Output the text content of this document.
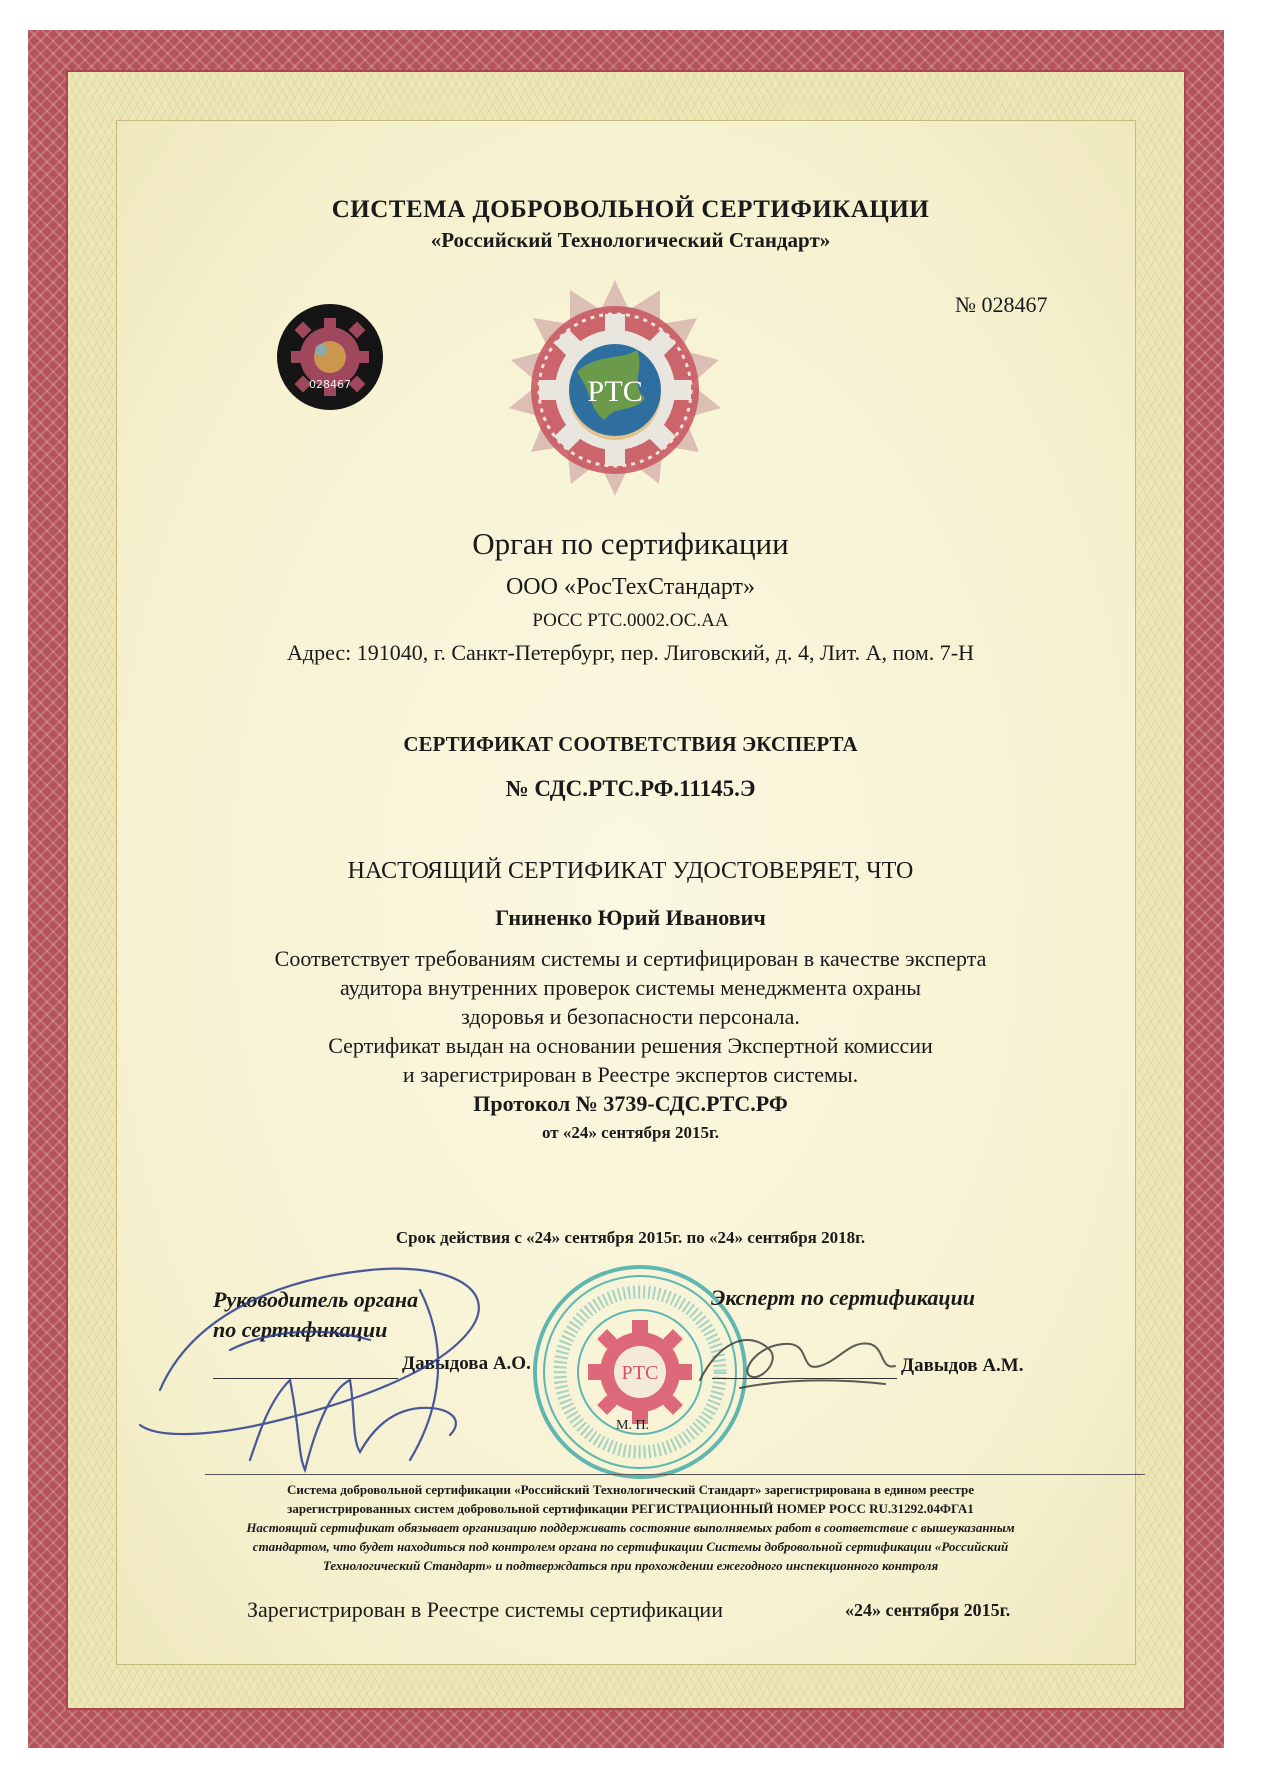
СИСТЕМА ДОБРОВОЛЬНОЙ СЕРТИФИКАЦИИ
«Российский Технологический Стандарт»
№ 028467
028467	РТС
Орган по сертификации
ООО «РосТехСтандарт»
РОСС РТС.0002.ОС.АА
Адрес: 191040, г. Санкт-Петербург, пер. Лиговский, д. 4, Лит. А, пом. 7-Н
СЕРТИФИКАТ СООТВЕТСТВИЯ ЭКСПЕРТА
№ СДС.РТС.РФ.11145.Э
НАСТОЯЩИЙ СЕРТИФИКАТ УДОСТОВЕРЯЕТ, ЧТО
Гниненко Юрий Иванович
Соответствует требованиям системы и сертифицирован в качестве эксперта
аудитора внутренних проверок системы менеджмента охраны
здоровья и безопасности персонала.
Сертификат выдан на основании решения Экспертной комиссии
и зарегистрирован в Реестре экспертов системы.
Протокол № 3739-СДС.РТС.РФ
от «24» сентября 2015г.
Срок действия с «24» сентября 2015г. по «24» сентября 2018г.
РТС
Руководитель органа
по сертификации
Эксперт по сертификации
Давыдова А.О.	Давыдов А.М.
М. П.
Система добровольной сертификации «Российский Технологический Стандарт» зарегистрирована в едином реестре
зарегистрированных систем добровольной сертификации РЕГИСТРАЦИОННЫЙ НОМЕР РОСС RU.31292.04ФГА1
Настоящий сертификат обязывает организацию поддерживать состояние выполняемых работ в соответствие с вышеуказанным
стандартом, что будет находиться под контролем органа по сертификации Системы добровольной сертификации «Российский
Технологический Стандарт» и подтверждаться при прохождении ежегодного инспекционного контроля
Зарегистрирован в Реестре системы сертификации	«24» сентября 2015г.
